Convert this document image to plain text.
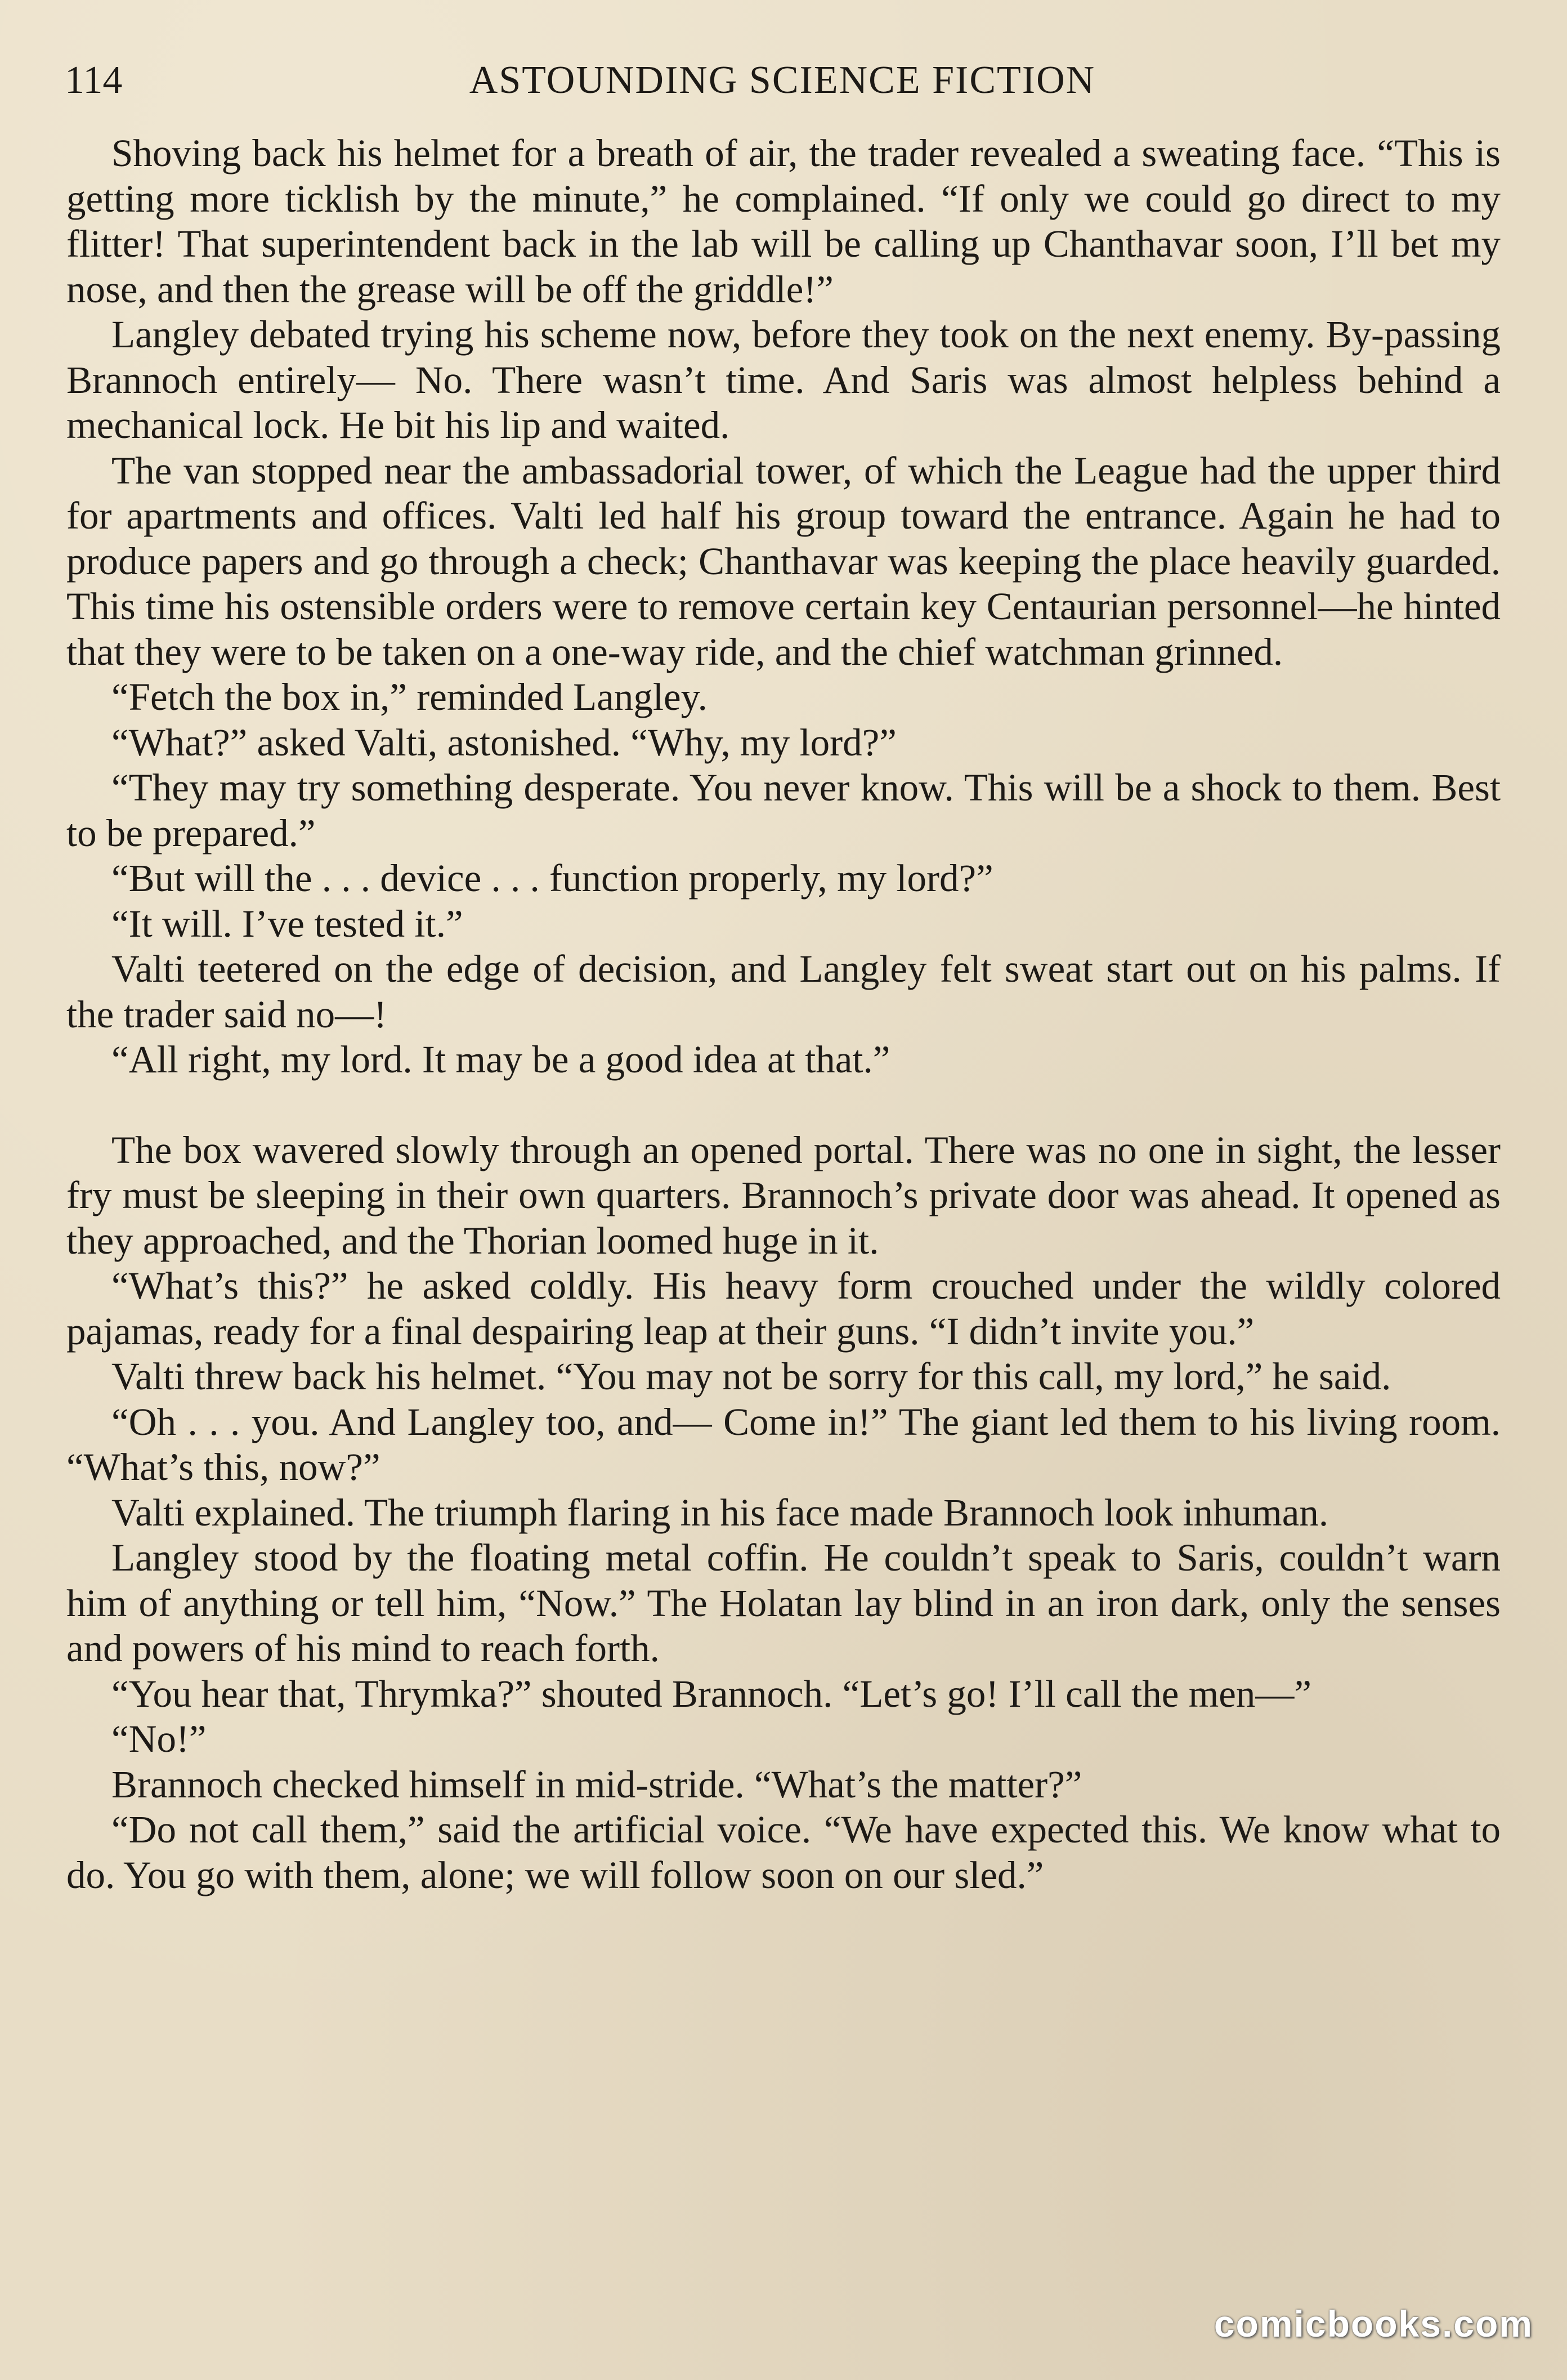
114	ASTOUNDING SCIENCE FICTION

Shoving back his helmet for a breath of air, the trader revealed a sweating face. “This is getting more ticklish by the minute,” he complained. “If only we could go direct to my flitter! That superintendent back in the lab will be calling up Chanthavar soon, I’ll bet my nose, and then the grease will be off the griddle!”

Langley debated trying his scheme now, before they took on the next enemy. By-passing Brannoch entirely— No. There wasn’t time. And Saris was almost helpless behind a mechanical lock. He bit his lip and waited.

The van stopped near the ambassadorial tower, of which the League had the upper third for apartments and offices. Valti led half his group toward the entrance. Again he had to produce papers and go through a check; Chanthavar was keeping the place heavily guarded. This time his ostensible orders were to remove certain key Centaurian personnel—he hinted that they were to be taken on a one-way ride, and the chief watchman grinned.

“Fetch the box in,” reminded Langley.

“What?” asked Valti, astonished. “Why, my lord?”

“They may try something desperate. You never know. This will be a shock to them. Best to be prepared.”

“But will the . . . device . . . function properly, my lord?”

“It will. I’ve tested it.”

Valti teetered on the edge of decision, and Langley felt sweat start out on his palms. If the trader said no—!

“All right, my lord. It may be a good idea at that.”

The box wavered slowly through an opened portal. There was no one in sight, the lesser fry must be sleeping in their own quarters. Brannoch’s private door was ahead. It opened as they approached, and the Thorian loomed huge in it.

“What’s this?” he asked coldly. His heavy form crouched under the wildly colored pajamas, ready for a final despairing leap at their guns. “I didn’t invite you.”

Valti threw back his helmet. “You may not be sorry for this call, my lord,” he said.

“Oh . . . you. And Langley too, and— Come in!” The giant led them to his living room. “What’s this, now?”

Valti explained. The triumph flaring in his face made Brannoch look inhuman.

Langley stood by the floating metal coffin. He couldn’t speak to Saris, couldn’t warn him of anything or tell him, “Now.” The Holatan lay blind in an iron dark, only the senses and powers of his mind to reach forth.

“You hear that, Thrymka?” shouted Brannoch. “Let’s go! I’ll call the men—”

“No!”

Brannoch checked himself in mid-stride. “What’s the matter?”

“Do not call them,” said the artificial voice. “We have expected this. We know what to do. You go with them, alone; we will follow soon on our sled.”

comicbooks.com
